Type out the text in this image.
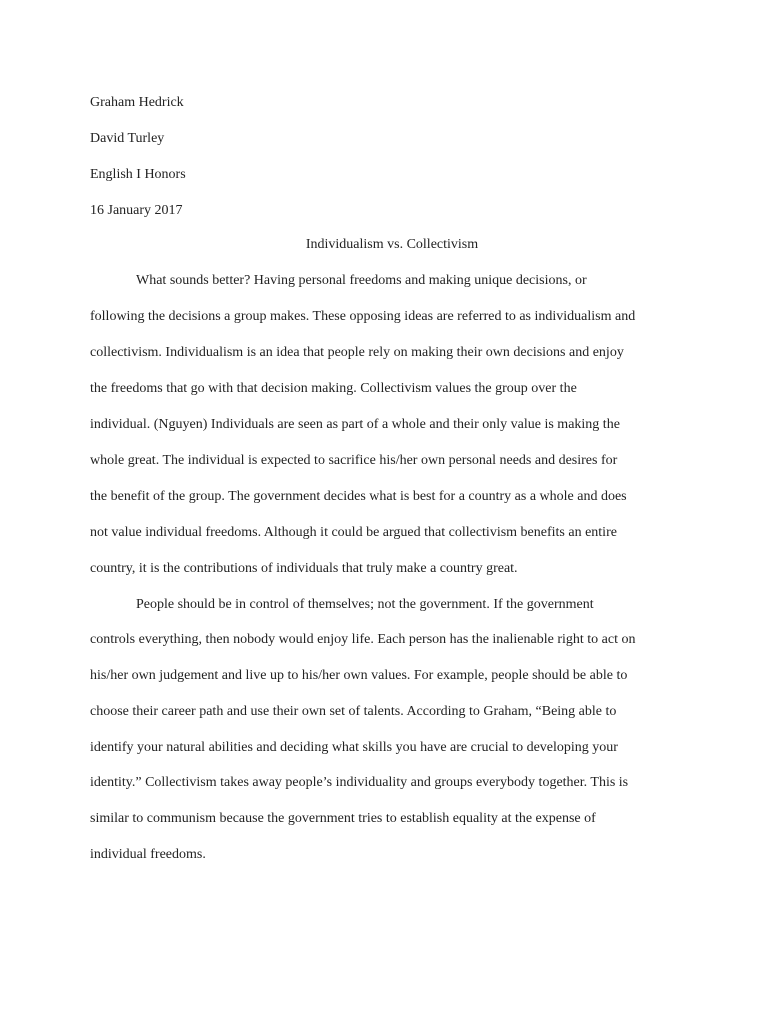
Graham Hedrick

David Turley

English I Honors

16 January 2017

Individualism vs. Collectivism

What sounds better? Having personal freedoms and making unique decisions, or

following the decisions a group makes. These opposing ideas are referred to as individualism and

collectivism. Individualism is an idea that people rely on making their own decisions and enjoy

the freedoms that go with that decision making. Collectivism values the group over the

individual. (Nguyen) Individuals are seen as part of a whole and their only value is making the

whole great. The individual is expected to sacrifice his/her own personal needs and desires for

the benefit of the group. The government decides what is best for a country as a whole and does

not value individual freedoms. Although it could be argued that collectivism benefits an entire

country, it is the contributions of individuals that truly make a country great.

People should be in control of themselves; not the government. If the government

controls everything, then nobody would enjoy life. Each person has the inalienable right to act on

his/her own judgement and live up to his/her own values. For example, people should be able to

choose their career path and use their own set of talents. According to Graham, “Being able to

identify your natural abilities and deciding what skills you have are crucial to developing your

identity.” Collectivism takes away people’s individuality and groups everybody together. This is

similar to communism because the government tries to establish equality at the expense of

individual freedoms.
